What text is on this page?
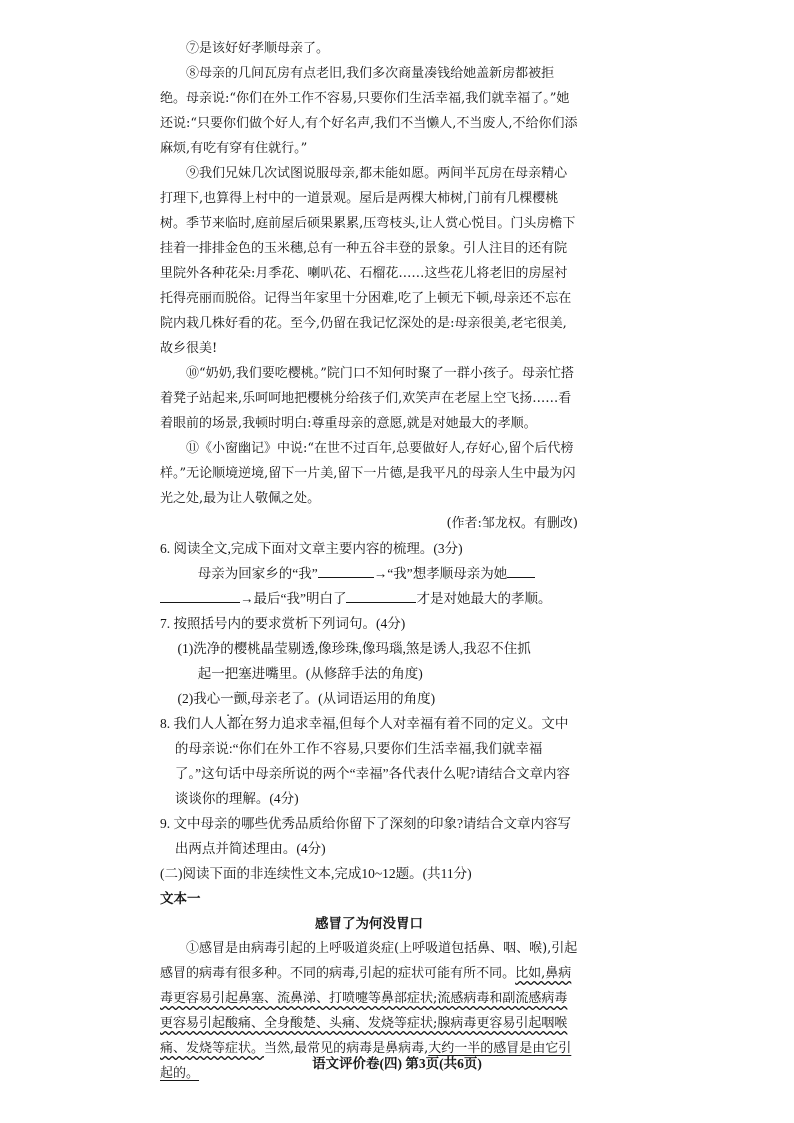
⑦是该好好孝顺母亲了。

⑧母亲的几间瓦房有点老旧,我们多次商量凑钱给她盖新房都被拒绝。母亲说:“你们在外工作不容易,只要你们生活幸福,我们就幸福了。”她还说:“只要你们做个好人,有个好名声,我们不当懒人,不当废人,不给你们添麻烦,有吃有穿有住就行。”

⑨我们兄妹几次试图说服母亲,都未能如愿。两间半瓦房在母亲精心打理下,也算得上村中的一道景观。屋后是两棵大柿树,门前有几棵樱桃树。季节来临时,庭前屋后硕果累累,压弯枝头,让人赏心悦目。门头房檐下挂着一排排金色的玉米穗,总有一种五谷丰登的景象。引人注目的还有院里院外各种花朵:月季花、喇叭花、石榴花……这些花儿将老旧的房屋衬托得亮丽而脱俗。记得当年家里十分困难,吃了上顿无下顿,母亲还不忘在院内栽几株好看的花。至今,仍留在我记忆深处的是:母亲很美,老宅很美,故乡很美!

⑩“奶奶,我们要吃樱桃。”院门口不知何时聚了一群小孩子。母亲忙搭着凳子站起来,乐呵呵地把樱桃分给孩子们,欢笑声在老屋上空飞扬……看着眼前的场景,我顿时明白:尊重母亲的意愿,就是对她最大的孝顺。

⑪《小窗幽记》中说:“在世不过百年,总要做好人,存好心,留个后代榜样。”无论顺境逆境,留下一片美,留下一片德,是我平凡的母亲人生中最为闪光之处,最为让人敬佩之处。

(作者:邹龙权。有删改)

6. 阅读全文,完成下面对文章主要内容的梳理。(3分)

母亲为回家乡的“我”	→“我”想孝顺母亲为她

→最后“我”明白了	才是对她最大的孝顺。

7. 按照括号内的要求赏析下列词句。(4分)

(1)洗净的樱桃晶莹剔透,像珍珠,像玛瑙,煞是诱人,我忍不住抓

起一把塞进嘴里。(从修辞手法的角度)

(2)我心一颤,母亲老了。(从词语运用的角度)

8. 我们人人都在努力追求幸福,但每个人对幸福有着不同的定义。文中的母亲说:“你们在外工作不容易,只要你们生活幸福,我们就幸福了。”这句话中母亲所说的两个“幸福”各代表什么呢?请结合文章内容谈谈你的理解。(4分)

9. 文中母亲的哪些优秀品质给你留下了深刻的印象?请结合文章内容写出两点并简述理由。(4分)

(二)阅读下面的非连续性文本,完成10~12题。(共11分)

文本一

感冒了为何没胃口

①感冒是由病毒引起的上呼吸道炎症(上呼吸道包括鼻、咽、喉),引起感冒的病毒有很多种。不同的病毒,引起的症状可能有所不同。比如,鼻病毒更容易引起鼻塞、流鼻涕、打喷嚏等鼻部症状;流感病毒和副流感病毒更容易引起酸痛、全身酸楚、头痛、发烧等症状;腺病毒更容易引起咽喉痛、发烧等症状。当然,最常见的病毒是鼻病毒,大约一半的感冒是由它引起的。

语文评价卷(四) 第3页(共6页)
